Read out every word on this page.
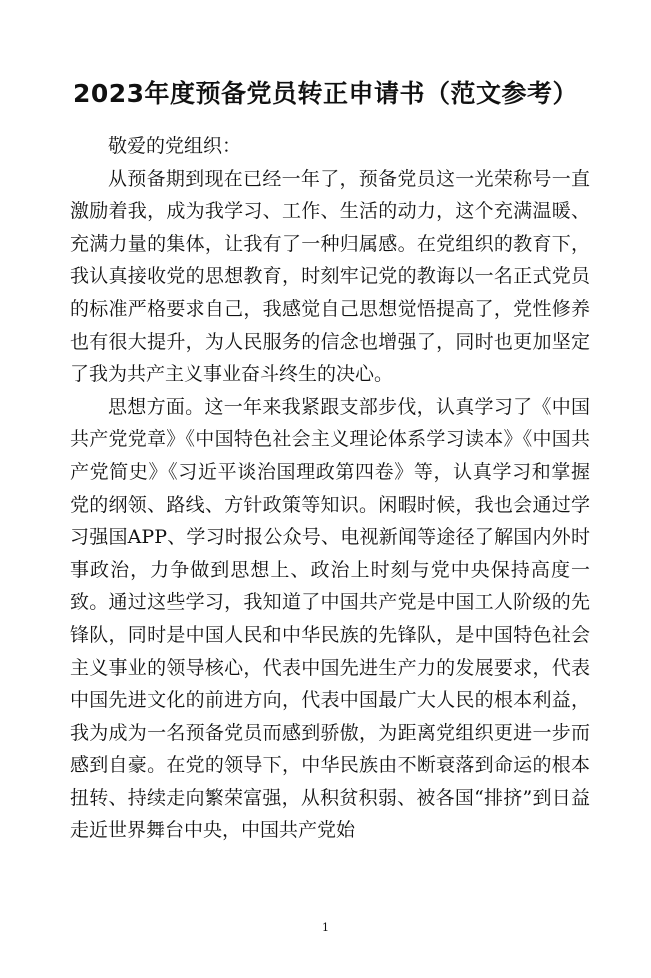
2023年度预备党员转正申请书（范文参考）

敬爱的党组织：

从预备期到现在已经一年了，预备党员这一光荣称号一直激励着我，成为我学习、工作、生活的动力，这个充满温暖、充满力量的集体，让我有了一种归属感。在党组织的教育下，我认真接收党的思想教育，时刻牢记党的教诲以一名正式党员的标准严格要求自己，我感觉自己思想觉悟提高了，党性修养也有很大提升，为人民服务的信念也增强了，同时也更加坚定了我为共产主义事业奋斗终生的决心。

思想方面。这一年来我紧跟支部步伐，认真学习了《中国共产党党章》《中国特色社会主义理论体系学习读本》《中国共产党简史》《习近平谈治国理政第四卷》等，认真学习和掌握党的纲领、路线、方针政策等知识。闲暇时候，我也会通过学习强国APP、学习时报公众号、电视新闻等途径了解国内外时事政治，力争做到思想上、政治上时刻与党中央保持高度一致。通过这些学习，我知道了中国共产党是中国工人阶级的先锋队，同时是中国人民和中华民族的先锋队，是中国特色社会主义事业的领导核心，代表中国先进生产力的发展要求，代表中国先进文化的前进方向，代表中国最广大人民的根本利益，我为成为一名预备党员而感到骄傲，为距离党组织更进一步而感到自豪。在党的领导下，中华民族由不断衰落到命运的根本扭转、持续走向繁荣富强，从积贫积弱、被各国“排挤”到日益走近世界舞台中央，中国共产党始

1
